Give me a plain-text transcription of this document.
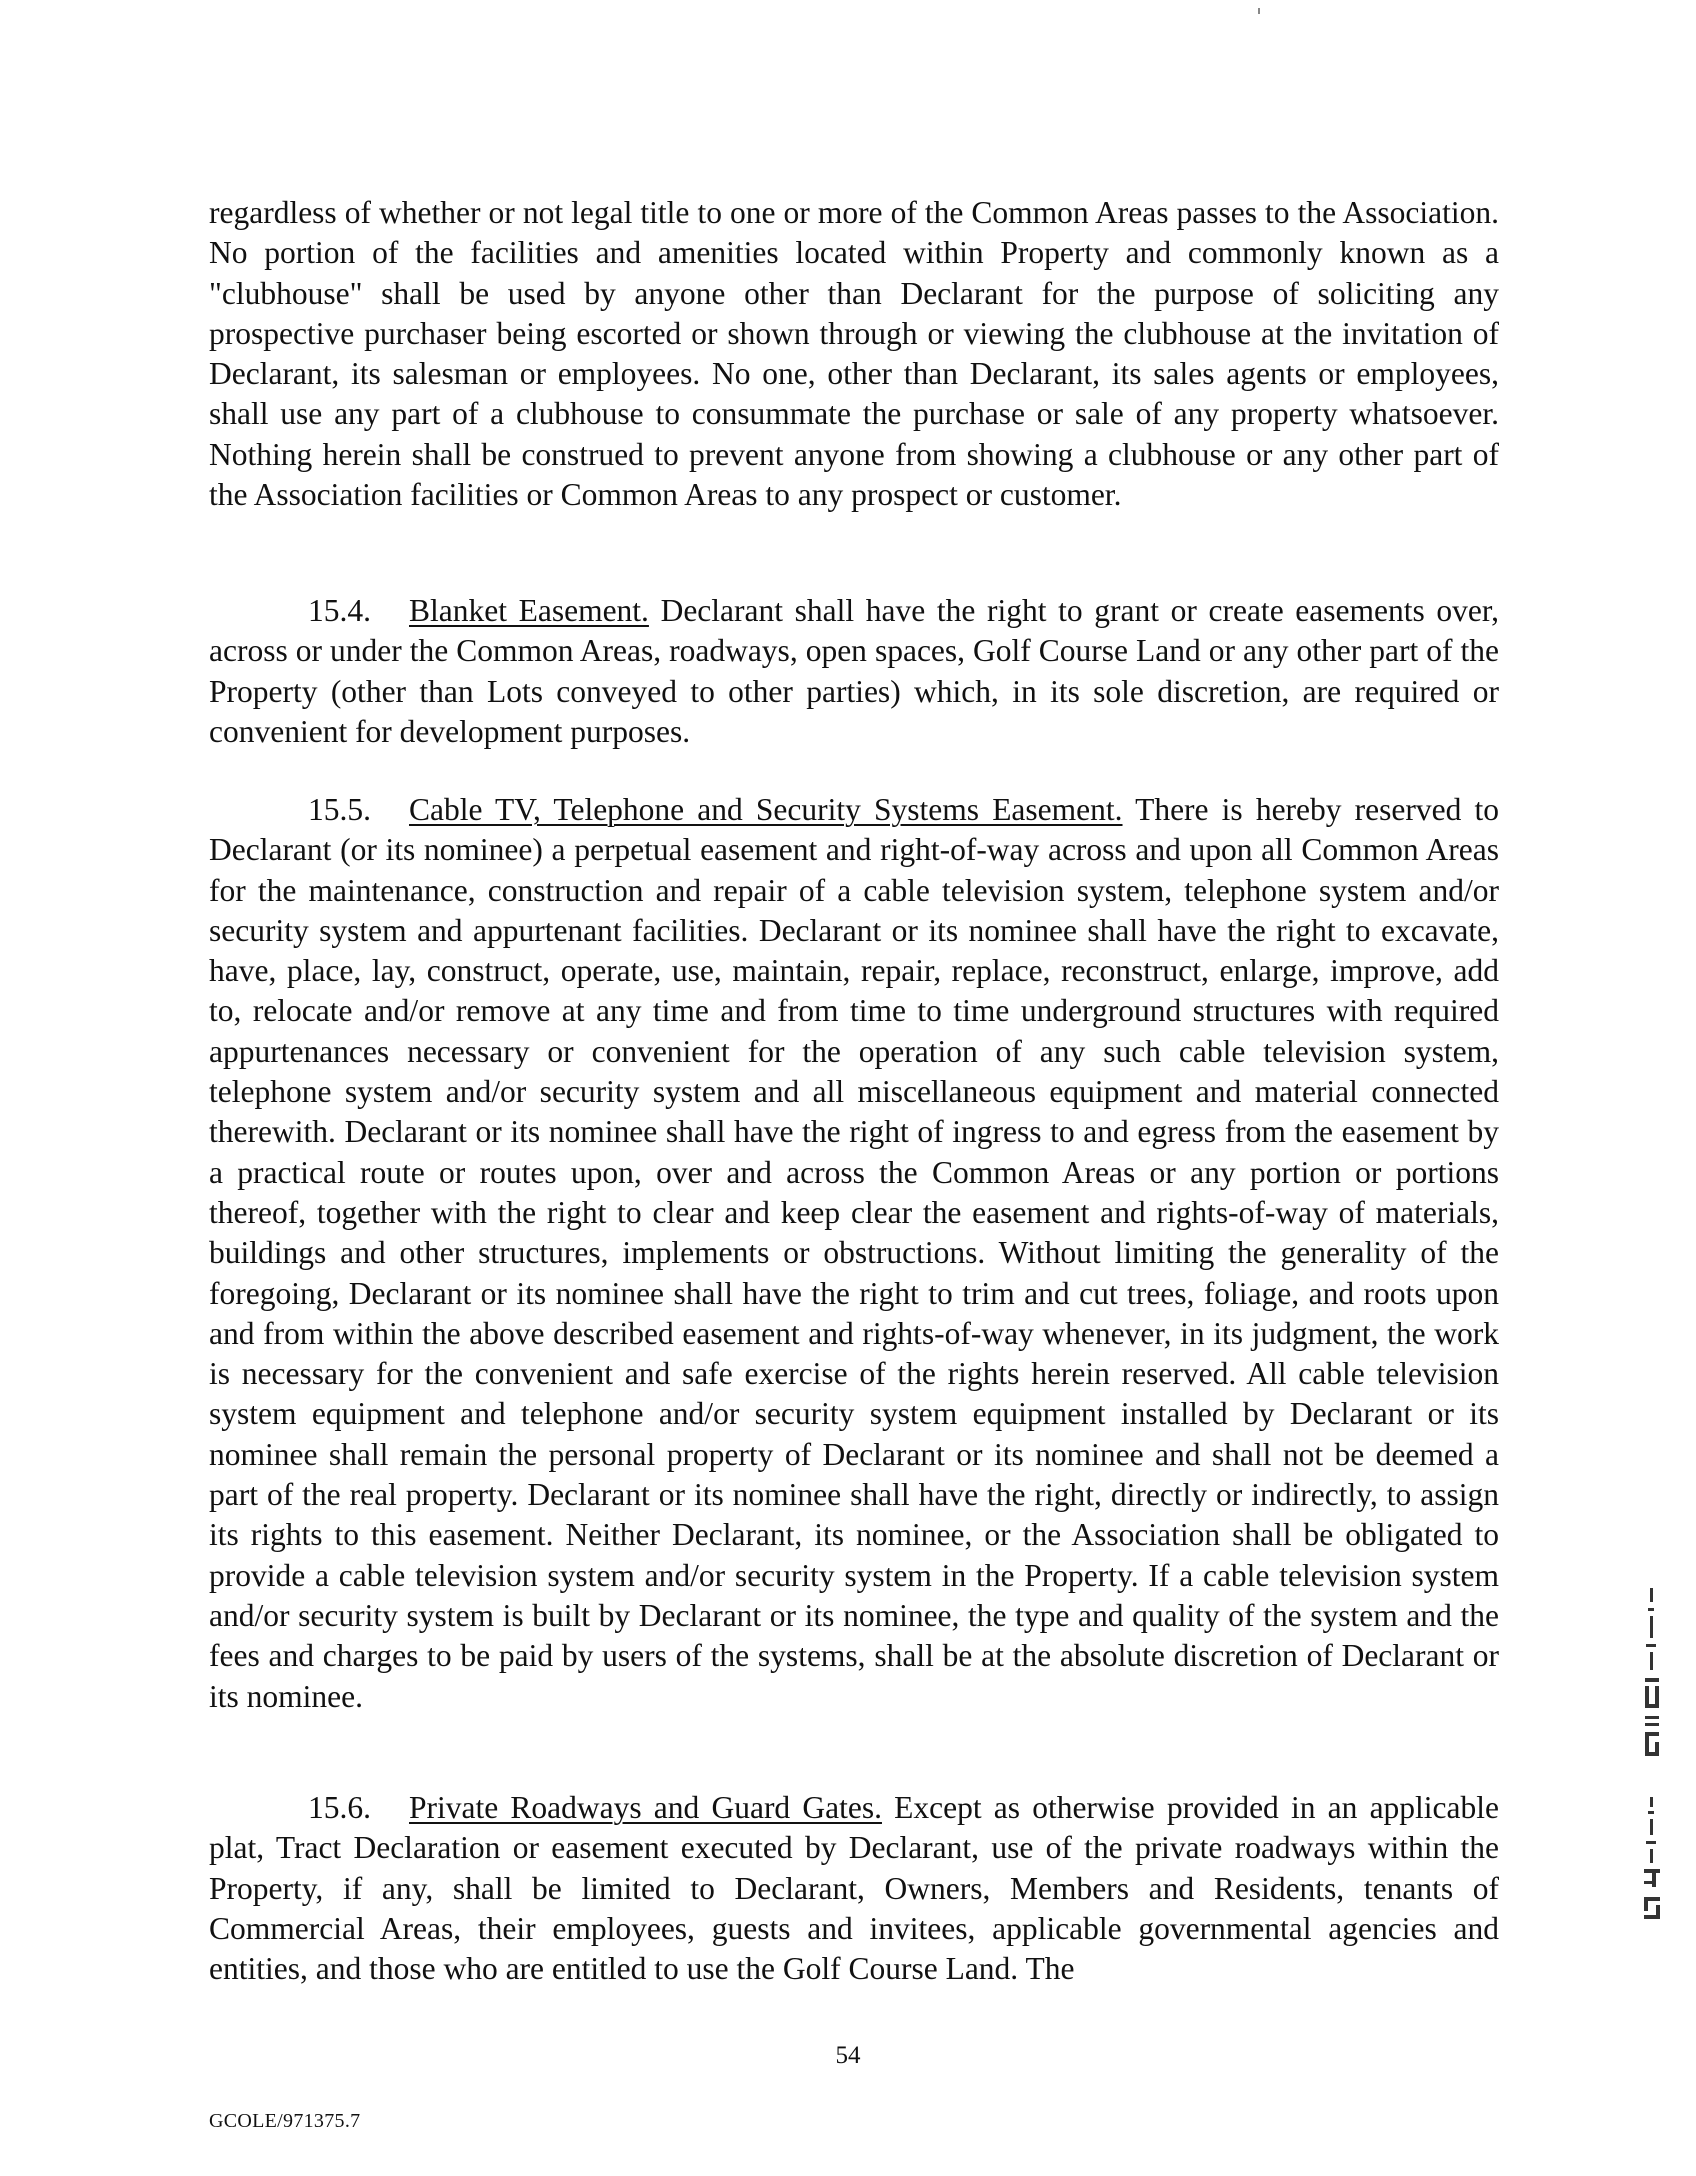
regardless of whether or not legal title to one or more of the Common Areas passes to the Association. No portion of the facilities and amenities located within Property and commonly known as a "clubhouse" shall be used by anyone other than Declarant for the purpose of soliciting any prospective purchaser being escorted or shown through or viewing the clubhouse at the invitation of Declarant, its salesman or employees. No one, other than Declarant, its sales agents or employees, shall use any part of a clubhouse to consummate the purchase or sale of any property whatsoever. Nothing herein shall be construed to prevent anyone from showing a clubhouse or any other part of the Association facilities or Common Areas to any prospect or customer.

15.4. Blanket Easement. Declarant shall have the right to grant or create easements over, across or under the Common Areas, roadways, open spaces, Golf Course Land or any other part of the Property (other than Lots conveyed to other parties) which, in its sole discretion, are required or convenient for development purposes.

15.5. Cable TV, Telephone and Security Systems Easement. There is hereby reserved to Declarant (or its nominee) a perpetual easement and right-of-way across and upon all Common Areas for the maintenance, construction and repair of a cable television system, telephone system and/or security system and appurtenant facilities. Declarant or its nominee shall have the right to excavate, have, place, lay, construct, operate, use, maintain, repair, replace, reconstruct, enlarge, improve, add to, relocate and/or remove at any time and from time to time underground structures with required appurtenances necessary or convenient for the operation of any such cable television system, telephone system and/or security system and all miscellaneous equipment and material connected therewith. Declarant or its nominee shall have the right of ingress to and egress from the easement by a practical route or routes upon, over and across the Common Areas or any portion or portions thereof, together with the right to clear and keep clear the easement and rights-of-way of materials, buildings and other structures, implements or obstructions. Without limiting the generality of the foregoing, Declarant or its nominee shall have the right to trim and cut trees, foliage, and roots upon and from within the above described easement and rights-of-way whenever, in its judgment, the work is necessary for the convenient and safe exercise of the rights herein reserved. All cable television system equipment and telephone and/or security system equipment installed by Declarant or its nominee shall remain the personal property of Declarant or its nominee and shall not be deemed a part of the real property. Declarant or its nominee shall have the right, directly or indirectly, to assign its rights to this easement. Neither Declarant, its nominee, or the Association shall be obligated to provide a cable television system and/or security system in the Property. If a cable television system and/or security system is built by Declarant or its nominee, the type and quality of the system and the fees and charges to be paid by users of the systems, shall be at the absolute discretion of Declarant or its nominee.

15.6. Private Roadways and Guard Gates. Except as otherwise provided in an applicable plat, Tract Declaration or easement executed by Declarant, use of the private roadways within the Property, if any, shall be limited to Declarant, Owners, Members and Residents, tenants of Commercial Areas, their employees, guests and invitees, applicable governmental agencies and entities, and those who are entitled to use the Golf Course Land. The

54

GCOLE/971375.7
